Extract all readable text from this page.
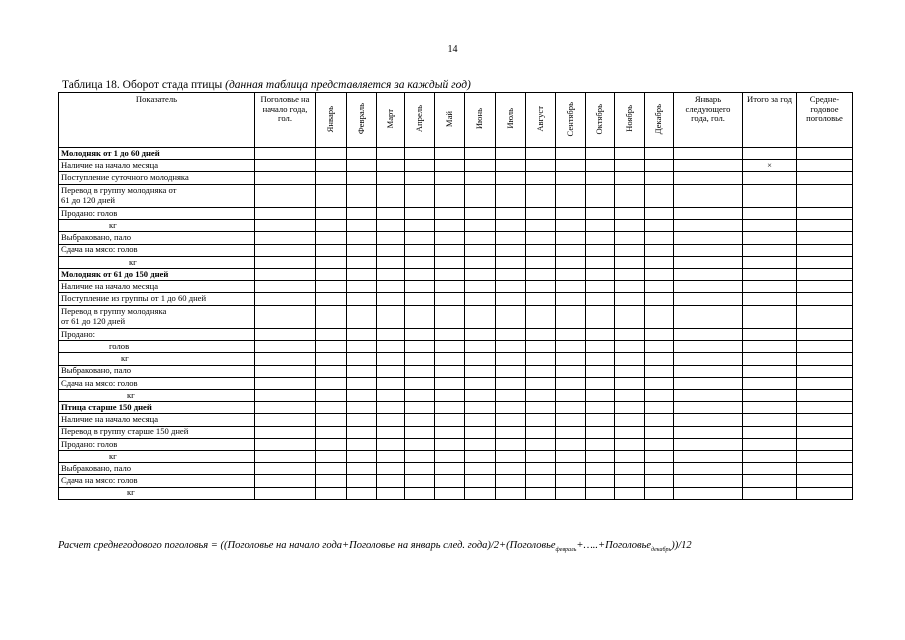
14
Таблица 18. Оборот стада птицы (данная таблица представляется за каждый год)
Показатель	Поголовье на начало года, гол.	Январь	Февраль	Март	Апрель	Май	Июнь	Июль	Август	Сентябрь	Октябрь	Ноябрь	Декабрь	Январь следующего года, гол.	Итого за год	Средне-годовое поголовье
Молодняк от 1 до 60 дней																
Наличие на начало месяца															×	
Поступление суточного молодняка																
Перевод в группу молодняка от
61 до 120 дней																
Продано: голов																
кг																
Выбраковано, пало																
Сдача на мясо: голов																
кг																
Молодняк от 61 до 150 дней																
Наличие на начало месяца																
Поступление из группы от 1 до 60 дней																
Перевод в группу молодняка
от 61 до 120 дней																
Продано:																
голов																
кг																
Выбраковано, пало																
Сдача на мясо: голов																
кг																
Птица старше 150 дней																
Наличие на начало месяца																
Перевод в группу старше 150 дней																
Продано: голов																
кг																
Выбраковано, пало																
Сдача на мясо: голов																
кг																
Расчет среднегодового поголовья = ((Поголовье на начало года+Поголовье на январь след. года)/2+(Поголовье$_{февраль}$+…..+Поголовье$_{декабрь}$))/12
